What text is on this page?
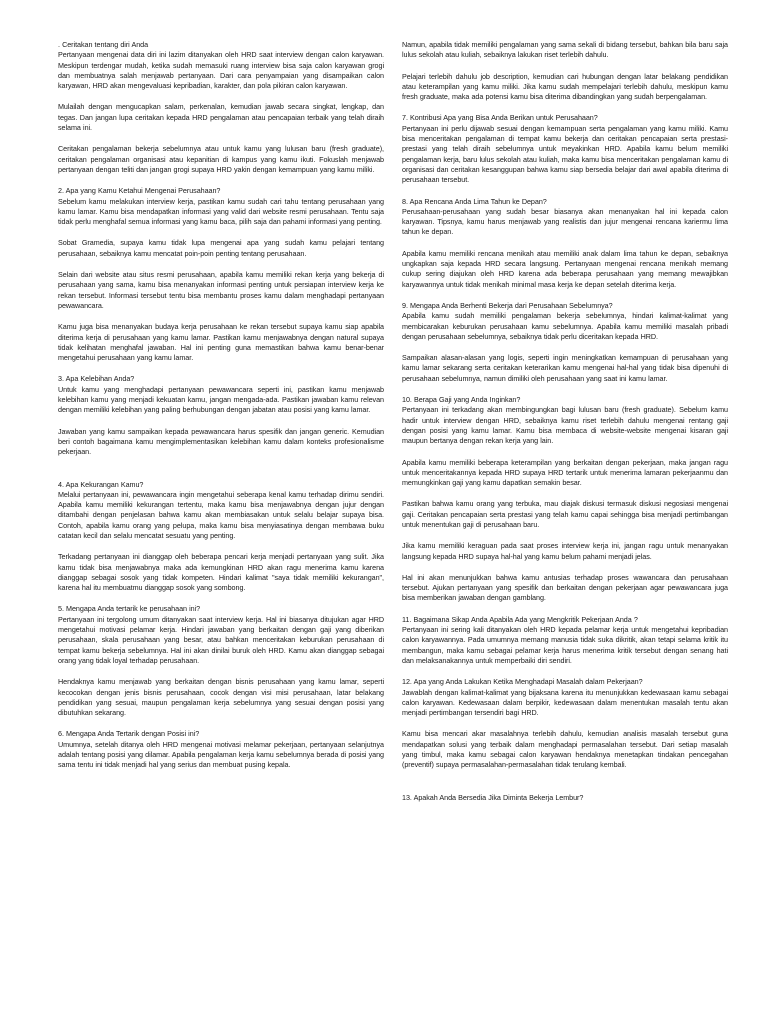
. Ceritakan tentang diri Anda
Pertanyaan mengenai data diri ini lazim ditanyakan oleh HRD saat interview dengan calon karyawan. Meskipun terdengar mudah, ketika sudah memasuki ruang interview bisa saja calon karyawan grogi dan membuatnya salah menjawab pertanyaan. Dari cara penyampaian yang disampaikan calon karyawan, HRD akan mengevaluasi kepribadian, karakter, dan pola pikiran calon karyawan.

Mulailah dengan mengucapkan salam, perkenalan, kemudian jawab secara singkat, lengkap, dan tegas. Dan jangan lupa ceritakan kepada HRD pengalaman atau pencapaian terbaik yang telah diraih selama ini.

Ceritakan pengalaman bekerja sebelumnya atau untuk kamu yang lulusan baru (fresh graduate), ceritakan pengalaman organisasi atau kepanitian di kampus yang kamu ikuti. Fokuslah menjawab pertanyaan dengan teliti dan jangan grogi supaya HRD yakin dengan kemampuan yang kamu miliki.

2. Apa yang Kamu Ketahui Mengenai Perusahaan?
Sebelum kamu melakukan interview kerja, pastikan kamu sudah cari tahu tentang perusahaan yang kamu lamar. Kamu bisa mendapatkan informasi yang valid dari website resmi perusahaan. Tentu saja tidak perlu menghafal semua informasi yang kamu baca, pilih saja dan pahami informasi yang penting.

Sobat Gramedia, supaya kamu tidak lupa mengenai apa yang sudah kamu pelajari tentang perusahaan, sebaiknya kamu mencatat poin-poin penting tentang perusahaan.

Selain dari website atau situs resmi perusahaan, apabila kamu memiliki rekan kerja yang bekerja di perusahaan yang sama, kamu bisa menanyakan informasi penting untuk persiapan interview kerja ke rekan tersebut. Informasi tersebut tentu bisa membantu proses kamu dalam menghadapi pertanyaan pewawancara.

Kamu juga bisa menanyakan budaya kerja perusahaan ke rekan tersebut supaya kamu siap apabila diterima kerja di perusahaan yang kamu lamar. Pastikan kamu menjawabnya dengan natural supaya tidak kelihatan menghafal jawaban. Hal ini penting guna memastikan bahwa kamu benar-benar mengetahui perusahaan yang kamu lamar.

3. Apa Kelebihan Anda?
Untuk kamu yang menghadapi pertanyaan pewawancara seperti ini, pastikan kamu menjawab kelebihan kamu yang menjadi kekuatan kamu, jangan mengada-ada. Pastikan jawaban kamu relevan dengan memiliki kelebihan yang paling berhubungan dengan jabatan atau posisi yang kamu lamar.

Jawaban yang kamu sampaikan kepada pewawancara harus spesifik dan jangan generic. Kemudian beri contoh bagaimana kamu mengimplementasikan kelebihan kamu dalam konteks profesionalisme pekerjaan.

4. Apa Kekurangan Kamu?
Melalui pertanyaan ini, pewawancara ingin mengetahui seberapa kenal kamu terhadap dirimu sendiri. Apabila kamu memiliki kekurangan tertentu, maka kamu bisa menjawabnya dengan jujur dengan ditambahi dengan penjelasan bahwa kamu akan membiasakan untuk selalu belajar supaya bisa. Contoh, apabila kamu orang yang pelupa, maka kamu bisa menyiasatinya dengan membawa buku catatan kecil dan selalu mencatat sesuatu yang penting.

Terkadang pertanyaan ini dianggap oleh beberapa pencari kerja menjadi pertanyaan yang sulit. Jika kamu tidak bisa menjawabnya maka ada kemungkinan HRD akan ragu menerima kamu karena dianggap sebagai sosok yang tidak kompeten. Hindari kalimat "saya tidak memiliki kekurangan", karena hal itu membuatmu dianggap sosok yang sombong.

5. Mengapa Anda tertarik ke perusahaan ini?
Pertanyaan ini tergolong umum ditanyakan saat interview kerja. Hal ini biasanya ditujukan agar HRD mengetahui motivasi pelamar kerja. Hindari jawaban yang berkaitan dengan gaji yang diberikan perusahaan, skala perusahaan yang besar, atau bahkan menceritakan keburukan perusahaan di tempat kamu bekerja sebelumnya. Hal ini akan dinilai buruk oleh HRD. Kamu akan dianggap sebagai orang yang tidak loyal terhadap perusahaan.

Hendaknya kamu menjawab yang berkaitan dengan bisnis perusahaan yang kamu lamar, seperti kecocokan dengan jenis bisnis perusahaan, cocok dengan visi misi perusahaan, latar belakang pendidikan yang sesuai, maupun pengalaman kerja sebelumnya yang sesuai dengan posisi yang dibutuhkan sekarang.

6. Mengapa Anda Tertarik dengan Posisi ini?
Umumnya, setelah ditanya oleh HRD mengenai motivasi melamar pekerjaan, pertanyaan selanjutnya adalah tentang posisi yang dilamar. Apabila pengalaman kerja kamu sebelumnya berada di posisi yang sama tentu ini tidak menjadi hal yang serius dan membuat pusing kepala.

Namun, apabila tidak memiliki pengalaman yang sama sekali di bidang tersebut, bahkan bila baru saja lulus sekolah atau kuliah, sebaiknya lakukan riset terlebih dahulu.

Pelajari terlebih dahulu job description, kemudian cari hubungan dengan latar belakang pendidikan atau keterampilan yang kamu miliki. Jika kamu sudah mempelajari terlebih dahulu, meskipun kamu fresh graduate, maka ada potensi kamu bisa diterima dibandingkan yang sudah berpengalaman.

7. Kontribusi Apa yang Bisa Anda Berikan untuk Perusahaan?
Pertanyaan ini perlu dijawab sesuai dengan kemampuan serta pengalaman yang kamu miliki. Kamu bisa menceritakan pengalaman di tempat kamu bekerja dan ceritakan pencapaian serta prestasi-prestasi yang telah diraih sebelumnya untuk meyakinkan HRD. Apabila kamu belum memiliki pengalaman kerja, baru lulus sekolah atau kuliah, maka kamu bisa menceritakan pengalaman kamu di organisasi dan ceritakan kesanggupan bahwa kamu siap bersedia belajar dari awal apabila diterima di perusahaan tersebut.

8. Apa Rencana Anda Lima Tahun ke Depan?
Perusahaan-perusahaan yang sudah besar biasanya akan menanyakan hal ini kepada calon karyawan. Tipsnya, kamu harus menjawab yang realistis dan jujur mengenai rencana kariermu lima tahun ke depan.

Apabila kamu memiliki rencana menikah atau memiliki anak dalam lima tahun ke depan, sebaiknya ungkapkan saja kepada HRD secara langsung. Pertanyaan mengenai rencana menikah memang cukup sering diajukan oleh HRD karena ada beberapa perusahaan yang memang mewajibkan karyawannya untuk tidak menikah minimal masa kerja ke depan setelah diterima kerja.

9. Mengapa Anda Berhenti Bekerja dari Perusahaan Sebelumnya?
Apabila kamu sudah memiliki pengalaman bekerja sebelumnya, hindari kalimat-kalimat yang membicarakan keburukan perusahaan kamu sebelumnya. Apabila kamu memiliki masalah pribadi dengan perusahaan sebelumnya, sebaiknya tidak perlu diceritakan kepada HRD.

Sampaikan alasan-alasan yang logis, seperti ingin meningkatkan kemampuan di perusahaan yang kamu lamar sekarang serta ceritakan keterarikan kamu mengenai hal-hal yang tidak bisa dipenuhi di perusahaan sebelumnya, namun dimiliki oleh perusahaan yang saat ini kamu lamar.

10. Berapa Gaji yang Anda Inginkan?
Pertanyaan ini terkadang akan membingungkan bagi lulusan baru (fresh graduate). Sebelum kamu hadir untuk interview dengan HRD, sebaiknya kamu riset terlebih dahulu mengenai rentang gaji dengan posisi yang kamu lamar. Kamu bisa membaca di website-website mengenai kisaran gaji maupun bertanya dengan rekan kerja yang lain.

Apabila kamu memiliki beberapa keterampilan yang berkaitan dengan pekerjaan, maka jangan ragu untuk menceritakannya kepada HRD supaya HRD tertarik untuk menerima lamaran pekerjaanmu dan memungkinkan gaji yang kamu dapatkan semakin besar.

Pastikan bahwa kamu orang yang terbuka, mau diajak diskusi termasuk diskusi negosiasi mengenai gaji. Ceritakan pencapaian serta prestasi yang telah kamu capai sehingga bisa menjadi pertimbangan untuk menentukan gaji di perusahaan baru.

Jika kamu memiliki keraguan pada saat proses interview kerja ini, jangan ragu untuk menanyakan langsung kepada HRD supaya hal-hal yang kamu belum pahami menjadi jelas.

Hal ini akan menunjukkan bahwa kamu antusias terhadap proses wawancara dan perusahaan tersebut. Ajukan pertanyaan yang spesifik dan berkaitan dengan pekerjaan agar pewawancara juga bisa memberikan jawaban dengan gamblang.

11. Bagaimana Sikap Anda Apabila Ada yang Mengkritik Pekerjaan Anda ?
Pertanyaan ini sering kali ditanyakan oleh HRD kepada pelamar kerja untuk mengetahui kepribadian calon karyawannya. Pada umumnya memang manusia tidak suka dikritik, akan tetapi selama kritik itu membangun, maka kamu sebagai pelamar kerja harus menerima kritik tersebut dengan senang hati dan melaksanakannya untuk memperbaiki diri sendiri.

12. Apa yang Anda Lakukan Ketika Menghadapi Masalah dalam Pekerjaan?
Jawablah dengan kalimat-kalimat yang bijaksana karena itu menunjukkan kedewasaan kamu sebagai calon karyawan. Kedewasaan dalam berpikir, kedewasaan dalam menentukan masalah tentu akan menjadi pertimbangan tersendiri bagi HRD.

Kamu bisa mencari akar masalahnya terlebih dahulu, kemudian analisis masalah tersebut guna mendapatkan solusi yang terbaik dalam menghadapi permasalahan tersebut. Dari setiap masalah yang timbul, maka kamu sebagai calon karyawan hendaknya menetapkan tindakan pencegahan (preventif) supaya permasalahan-permasalahan tidak terulang kembali.

13. Apakah Anda Bersedia Jika Diminta Bekerja Lembur?
